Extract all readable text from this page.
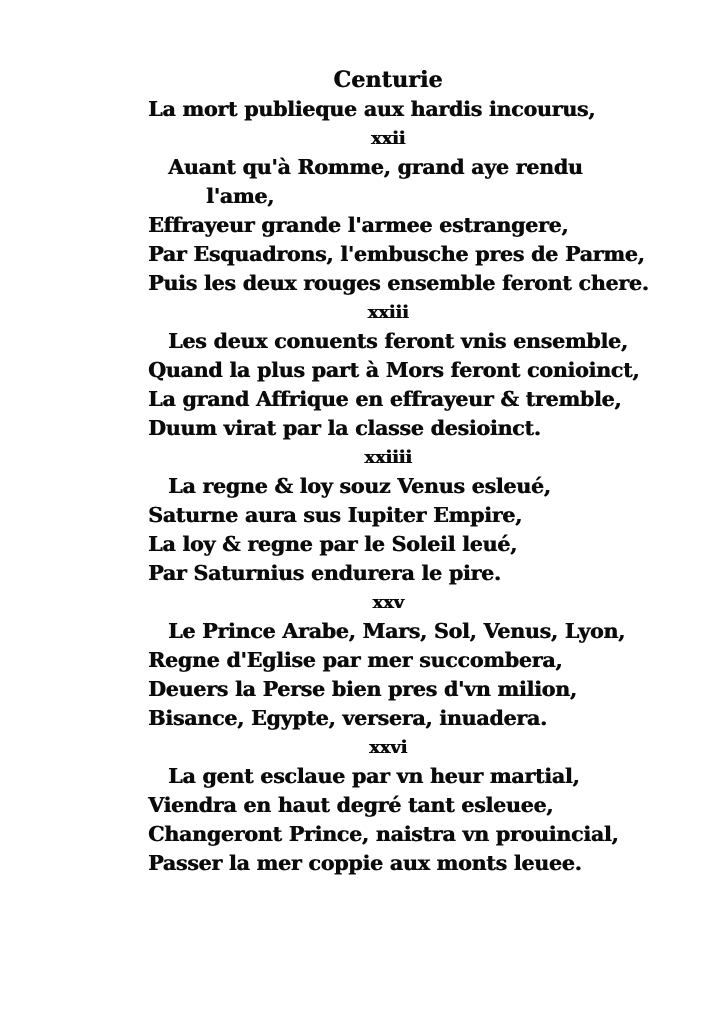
Centurie
La mort publieque aux hardis incourus,
xxii
Auant qu'à Romme, grand aye rendu
l'ame,
Effrayeur grande l'armee estrangere,
Par Esquadrons, l'embusche pres de Parme,
Puis les deux rouges ensemble feront chere.
xxiii
Les deux conuents feront vnis ensemble,
Quand la plus part à Mors feront conioinct,
La grand Affrique en effrayeur & tremble,
Duum virat par la classe desioinct.
xxiiii
La regne & loy souz Venus esleué,
Saturne aura sus Iupiter Empire,
La loy & regne par le Soleil leué,
Par Saturnius endurera le pire.
xxv
Le Prince Arabe, Mars, Sol, Venus, Lyon,
Regne d'Eglise par mer succombera,
Deuers la Perse bien pres d'vn milion,
Bisance, Egypte, versera, inuadera.
xxvi
La gent esclaue par vn heur martial,
Viendra en haut degré tant esleuee,
Changeront Prince, naistra vn prouincial,
Passer la mer coppie aux monts leuee.
